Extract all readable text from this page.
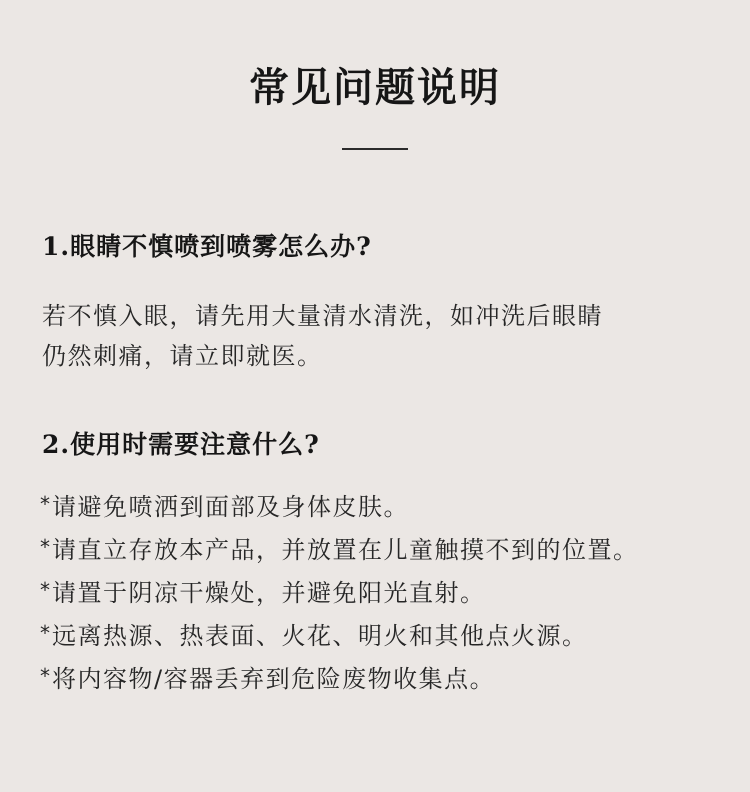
常见问题说明
1.眼睛不慎喷到喷雾怎么办?

若不慎入眼，请先用大量清水清洗，如冲洗后眼睛
仍然刺痛，请立即就医。

2.使用时需要注意什么?
*请避免喷洒到面部及身体皮肤。
*请直立存放本产品，并放置在儿童触摸不到的位置。
*请置于阴凉干燥处，并避免阳光直射。
*远离热源、热表面、火花、明火和其他点火源。
*将内容物/容器丢弃到危险废物收集点。
